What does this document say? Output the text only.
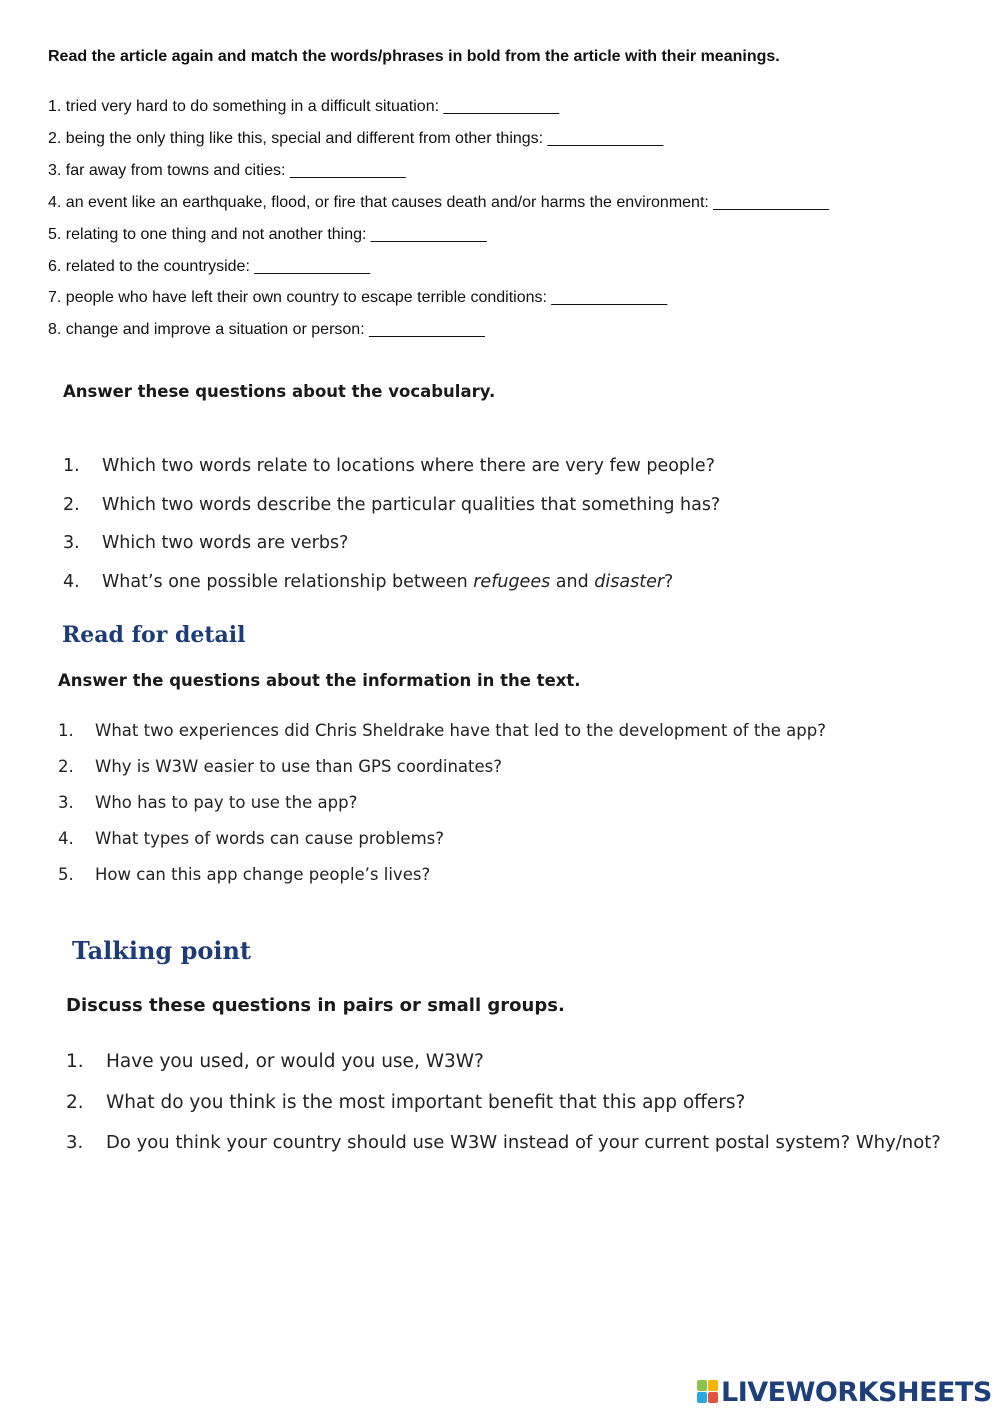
Read the article again and match the words/phrases in bold from the article with their meanings.
1. tried very hard to do something in a difficult situation: _____________
2. being the only thing like this, special and different from other things: _____________
3. far away from towns and cities: _____________
4. an event like an earthquake, flood, or fire that causes death and/or harms the environment: _____________
5. relating to one thing and not another thing: _____________
6. related to the countryside: _____________
7. people who have left their own country to escape terrible conditions: _____________
8. change and improve a situation or person: _____________
Answer these questions about the vocabulary.
1. Which two words relate to locations where there are very few people?
2. Which two words describe the particular qualities that something has?
3. Which two words are verbs?
4. What’s one possible relationship between refugees and disaster?
Read for detail
Answer the questions about the information in the text.
1. What two experiences did Chris Sheldrake have that led to the development of the app?
2. Why is W3W easier to use than GPS coordinates?
3. Who has to pay to use the app?
4. What types of words can cause problems?
5. How can this app change people’s lives?
Talking point
Discuss these questions in pairs or small groups.
1. Have you used, or would you use, W3W?
2. What do you think is the most important benefit that this app offers?
3. Do you think your country should use W3W instead of your current postal system? Why/not?
LIVEWORKSHEETS
